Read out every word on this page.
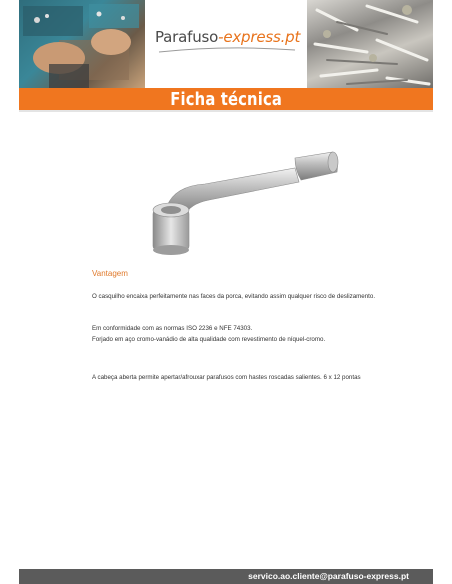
Parafuso-express.pt
Ficha técnica
Vantagem
O casquilho encaixa perfeitamente nas faces da porca, evitando assim qualquer risco de deslizamento.
Em conformidade com as normas ISO 2236 e NFE 74303.
Forjado em aço cromo-vanádio de alta qualidade com revestimento de níquel-cromo.
A cabeça aberta permite apertar/afrouxar parafusos com hastes roscadas salientes. 6 x 12 pontas
servico.ao.cliente@parafuso-express.pt
